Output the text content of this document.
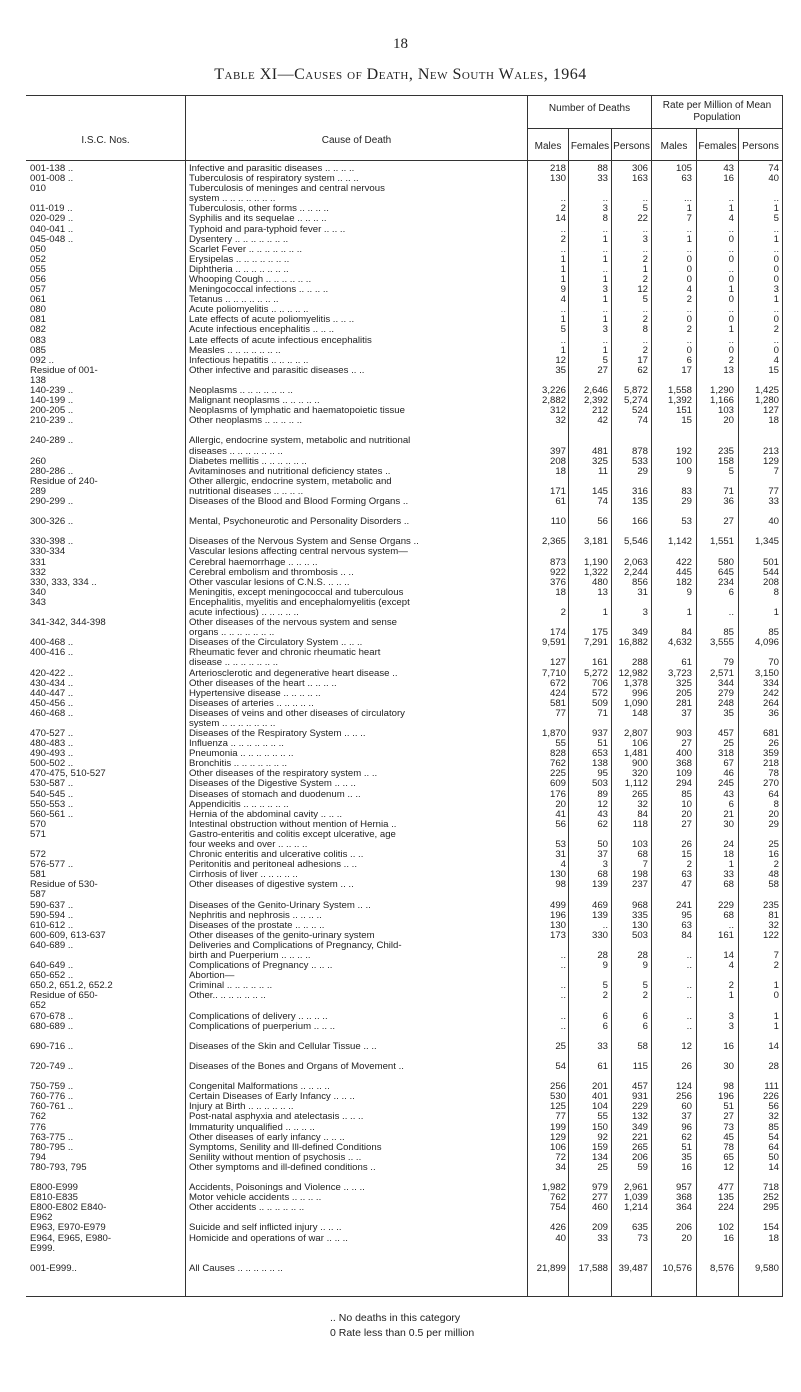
18
Table XI—Causes of Death, New South Wales, 1964
I.S.C. Nos.	Cause of Death
Number of Deaths	Rate per Million of Mean Population
Males Females Persons	Males	Females Persons
001-138 ..	Infective and parasitic diseases .. .. .. ..	218	88 306	105	43	74
001-008 ..	Tuberculosis of respiratory system .. .. ..	130	33 163	63	16	40
010	Tuberculosis of meninges and central nervous
system .. .. .. .. .. .. ..	..	..	..	...	..	..
011-019 ..	Tuberculosis, other forms .. .. .. ..	2	3	5	1	1	1
020-029 ..	Syphilis and its sequelae .. .. .. ..	14	8	22	7	4	5
040-041 ..	Typhoid and para-typhoid fever .. .. ..	..	..	..	..	..	..
045-048 ..	Dysentery .. .. .. .. .. .. ..	2	1	3	1	0	1
050	Scarlet Fever .. .. .. .. .. .. ..	..	..	..	..	..	..
052	Erysipelas .. .. .. .. .. .. ..	1	1	2	0	0	0
055	Diphtheria .. .. .. .. .. .. ..	1	..	1	0	..	0
056	Whooping Cough .. .. .. .. .. ..	1	1	2	0	0	0
057	Meningococcal infections .. .. .. ..	9	3	12	4	1	3
061	Tetanus .. .. .. .. .. .. ..	4	1	5	2	0	1
080	Acute poliomyelitis .. .. .. .. ..	..	..	..	..	..	..
081	Late effects of acute poliomyelitis .. .. ..	1	1	2	0	0	0
082	Acute infectious encephalitis .. .. ..	5	3	8	2	1	2
083	Late effects of acute infectious encephalitis	..	..	..	..	..	..
085	Measles .. .. .. .. .. .. ..	1	1	2	0	0	0
092 ..	Infectious hepatitis .. .. .. .. ..	12	5	17	6	2	4
Residue of 001-	Other infective and parasitic diseases .. ..	35	27	62	17	13	15
138
140-239 ..	Neoplasms .. .. .. .. .. .. ..	3,226 2,646 5,872 1,558 1,290 1,425
140-199 ..	Malignant neoplasms .. .. .. .. ..	2,882 2,392 5,274 1,392 1,166 1,280
200-205 ..	Neoplasms of lymphatic and haematopoietic tissue	312	212 524	151	103	127
210-239 ..	Other neoplasms .. .. .. .. ..	32	42	74	15	20	18
240-289 ..	Allergic, endocrine system, metabolic and nutritional
diseases .. .. .. .. .. .. ..	397	481 878	192	235	213
260	Diabetes mellitis .. .. .. .. .. ..	208	325 533	100	158	129
280-286 ..	Avitaminoses and nutritional deficiency states ..	18	11	29	9	5	7
Residue of 240-	Other allergic, endocrine system, metabolic and
289	nutritional diseases .. .. .. ..	171	145 316	83	71	77
290-299 ..	Diseases of the Blood and Blood Forming Organs ..	61	74 135	29	36	33
300-326 ..	Mental, Psychoneurotic and Personality Disorders ..	110	56 166	53	27	40
330-398 ..	Diseases of the Nervous System and Sense Organs ..	2,365 3,181 5,546 1,142 1,551 1,345
330-334	Vascular lesions affecting central nervous system—
331	Cerebral haemorrhage .. .. .. ..	873 1,190 2,063	422	580	501
332	Cerebral embolism and thrombosis .. ..	922 1,322 2,244	445	645	544
330, 333, 334 ..	Other vascular lesions of C.N.S. .. .. ..	376	480 856	182	234	208
340	Meningitis, except meningococcal and tuberculous	18	13	31	9	6	8
343	Encephalitis, myelitis and encephalomyelitis (except
acute infectious) .. .. .. .. ..	2	1	3	1	..	1
341-342, 344-398	Other diseases of the nervous system and sense
organs .. .. .. .. .. .. ..	174	175 349	84	85	85
400-468 ..	Diseases of the Circulatory System .. .. ..	9,591 7,291 16,882 4,632 3,555 4,096
400-416 ..	Rheumatic fever and chronic rheumatic heart
disease .. .. .. .. .. .. ..	127	161 288	61	79	70
420-422 ..	Arteriosclerotic and degenerative heart disease ..	7,710 5,272 12,982 3,723 2,571 3,150
430-434 ..	Other diseases of the heart .. .. .. ..	672	706 1,378	325	344	334
440-447 ..	Hypertensive disease .. .. .. .. ..	424	572 996	205	279	242
450-456 ..	Diseases of arteries .. .. .. .. ..	581	509 1,090	281	248	264
460-468 ..	Diseases of veins and other diseases of circulatory	77	71 148	37	35	36
system .. .. .. .. .. .. ..
470-527 ..	Diseases of the Respiratory System .. .. ..	1,870	937 2,807	903	457	681
480-483 ..	Influenza .. .. .. .. .. .. ..	55	51 106	27	25	26
490-493 ..	Pneumonia .. .. .. .. .. .. ..	828	653 1,481	400	318	359
500-502 ..	Bronchitis .. .. .. .. .. .. ..	762	138 900	368	67	218
470-475, 510-527	Other diseases of the respiratory system .. ..	225	95 320	109	46	78
530-587 ..	Diseases of the Digestive System .. .. ..	609	503 1,112	294	245	270
540-545 ..	Diseases of stomach and duodenum .. ..	176	89 265	85	43	64
550-553 ..	Appendicitis .. .. .. .. .. ..	20	12	32	10	6	8
560-561 ..	Hernia of the abdominal cavity .. .. ..	41	43	84	20	21	20
570	Intestinal obstruction without mention of Hernia ..	56	62	118	27	30	29
571	Gastro-enteritis and colitis except ulcerative, age
four weeks and over .. .. .. ..	53	50 103	26	24	25
572	Chronic enteritis and ulcerative colitis .. ..	31	37	68	15	18	16
576-577 ..	Peritonitis and peritoneal adhesions .. ..	4	3	7	2	1	2
581	Cirrhosis of liver .. .. .. .. ..	130	68 198	63	33	48
Residue of 530-	Other diseases of digestive system .. ..	98	139 237	47	68	58
587
590-637 ..	Diseases of the Genito-Urinary System .. ..	499	469 968	241	229	235
590-594 ..	Nephritis and nephrosis .. .. .. ..	196	139 335	95	68	81
610-612 ..	Diseases of the prostate .. .. .. ..	130	.. 130	63	..	32
600-609, 613-637	Other diseases of the genito-urinary system	173	330 503	84	161	122
640-689 ..	Deliveries and Complications of Pregnancy, Child-
birth and Puerperium .. .. .. ..	..	28	28	..	14	7
640-649 ..	Complications of Pregnancy .. .. ..	..	9	9	..	4	2
650-652 ..	Abortion—
650.2, 651.2, 652.2	Criminal .. .. .. .. .. ..	..	5	5	..	2	1
Residue of 650-	Other.. .. .. .. .. .. ..	..	2	2	..	1	0
652
670-678 ..	Complications of delivery .. .. .. ..	..	6	6	..	3	1
680-689 ..	Complications of puerperium .. .. ..	..	6	6	..	3	1
690-716 ..	Diseases of the Skin and Cellular Tissue .. ..	25	33	58	12	16	14
720-749 ..	Diseases of the Bones and Organs of Movement ..	54	61	115	26	30	28
750-759 ..	Congenital Malformations .. .. .. ..	256	201 457	124	98	111
760-776 ..	Certain Diseases of Early Infancy .. .. ..	530	401 931	256	196	226
760-761 ..	Injury at Birth .. .. .. .. .. ..	125	104 229	60	51	56
762	Post-natal asphyxia and atelectasis .. .. ..	77	55 132	37	27	32
776	Immaturity unqualified .. .. .. ..	199	150 349	96	73	85
763-775 ..	Other diseases of early infancy .. .. ..	129	92 221	62	45	54
780-795 ..	Symptoms, Senility and Ill-defined Conditions	106	159 265	51	78	64
794	Senility without mention of psychosis .. ..	72	134 206	35	65	50
780-793, 795	Other symptoms and ill-defined conditions ..	34	25	59	16	12	14
E800-E999	Accidents, Poisonings and Violence .. .. ..	1,982	979 2,961	957	477	718
E810-E835	Motor vehicle accidents .. .. .. ..	762	277 1,039	368	135	252
E800-E802 E840-	Other accidents .. .. .. .. .. ..	754	460 1,214	364	224	295
E962
E963, E970-E979	Suicide and self inflicted injury .. .. ..	426	209 635	206	102	154
E964, E965, E980-	Homicide and operations of war .. .. ..	40	33	73	20	16	18
E999.
001-E999..	All Causes .. .. .. .. .. ..	21,899 17,588 39,487 10,576 8,576 9,580
.. No deaths in this category
0 Rate less than 0.5 per million
